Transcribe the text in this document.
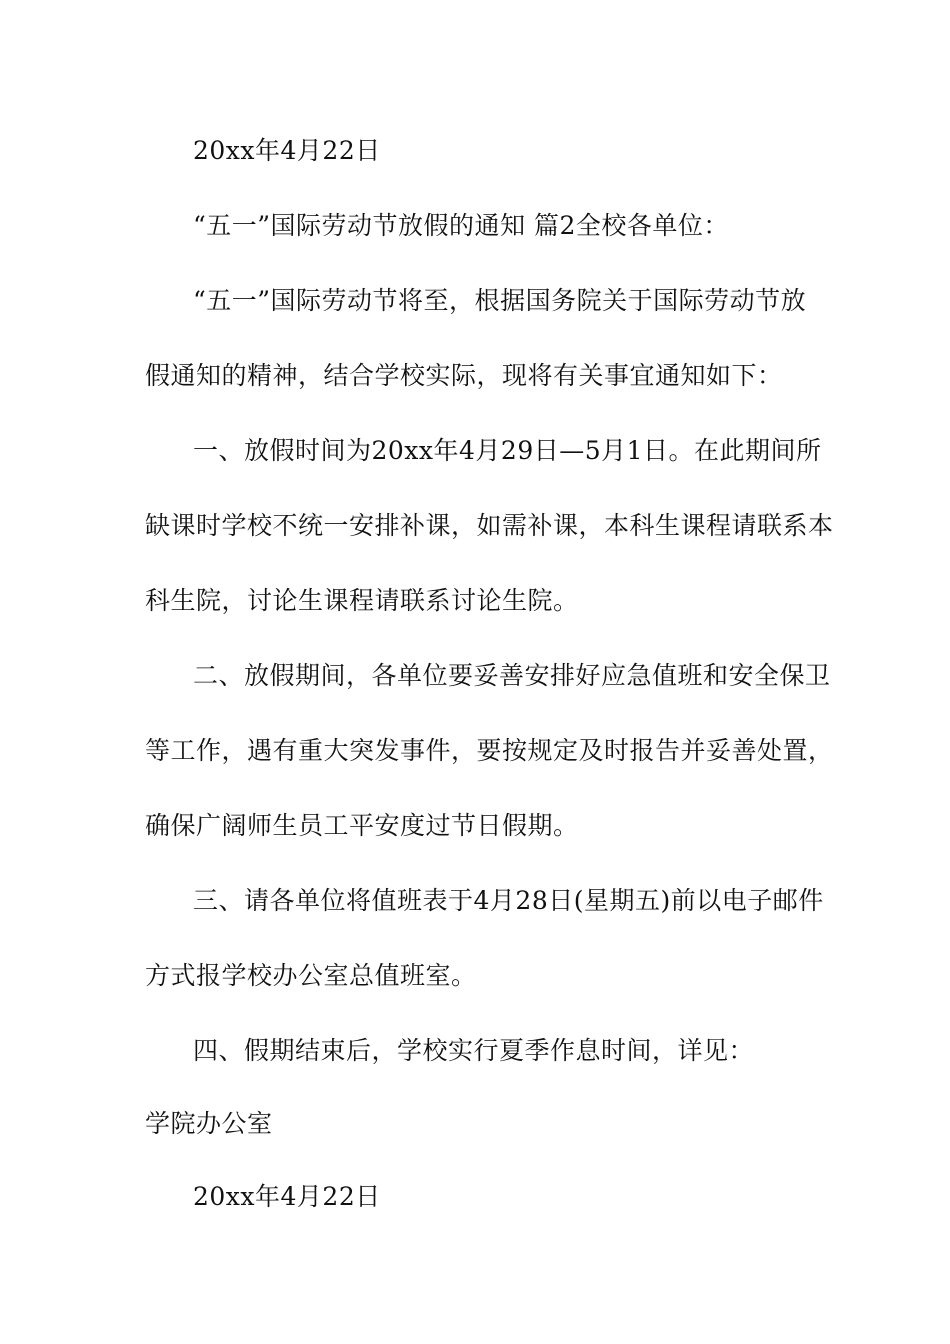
20xx年4月22日

“五一”国际劳动节放假的通知 篇2全校各单位：

“五一”国际劳动节将至，根据国务院关于国际劳动节放

假通知的精神，结合学校实际，现将有关事宜通知如下：

一、放假时间为20xx年4月29日—5月1日。在此期间所

缺课时学校不统一安排补课，如需补课，本科生课程请联系本

科生院，讨论生课程请联系讨论生院。

二、放假期间，各单位要妥善安排好应急值班和安全保卫

等工作，遇有重大突发事件，要按规定及时报告并妥善处置，

确保广阔师生员工平安度过节日假期。

三、请各单位将值班表于4月28日(星期五)前以电子邮件

方式报学校办公室总值班室。

四、假期结束后，学校实行夏季作息时间，详见：

学院办公室

20xx年4月22日
